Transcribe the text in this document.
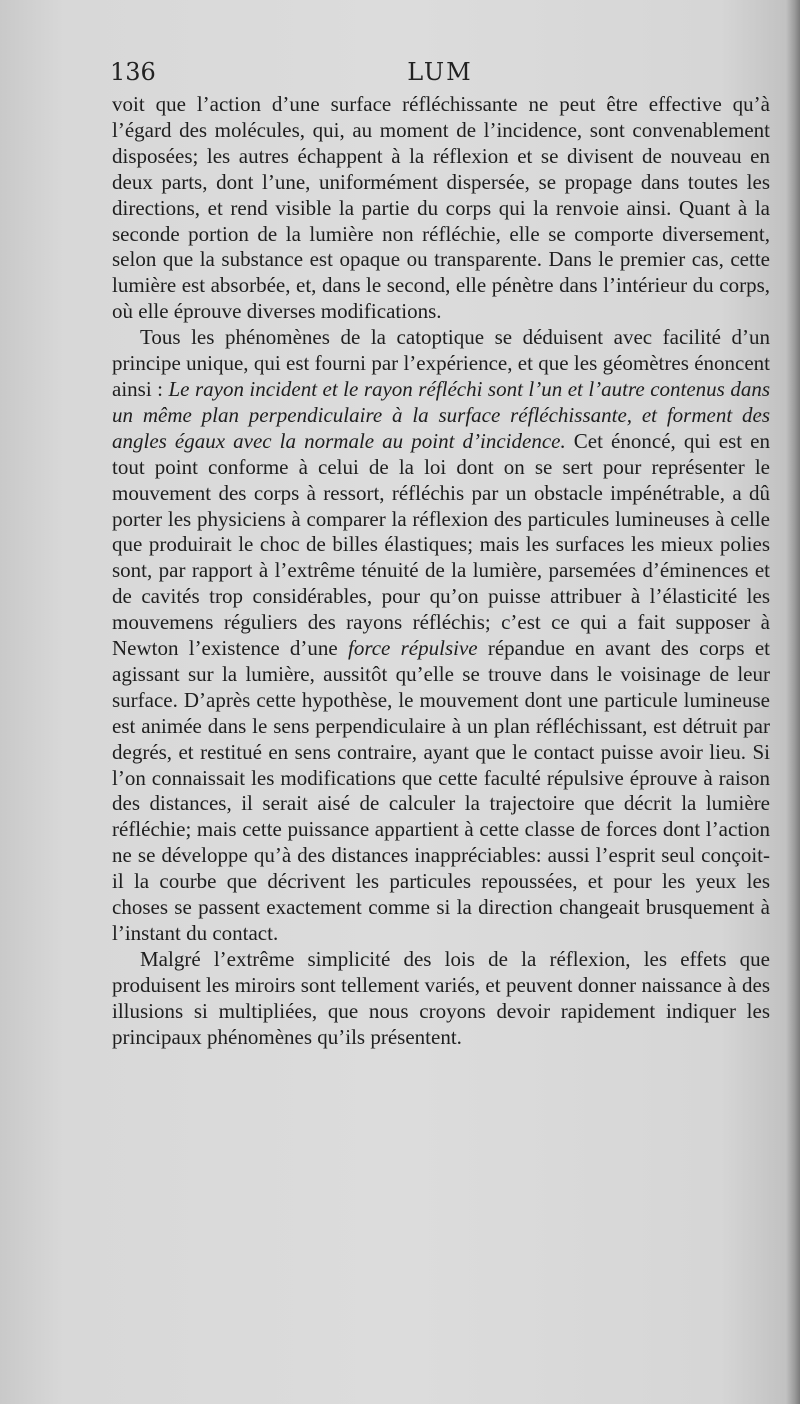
136	LUM

voit que l’action d’une surface réfléchissante ne peut être effective qu’à l’égard des molécules, qui, au moment de l’incidence, sont convenablement disposées; les autres échappent à la réflexion et se divisent de nouveau en deux parts, dont l’une, uniformément dispersée, se propage dans toutes les directions, et rend visible la partie du corps qui la renvoie ainsi. Quant à la seconde portion de la lumière non réfléchie, elle se comporte diversement, selon que la substance est opaque ou transparente. Dans le premier cas, cette lumière est absorbée, et, dans le second, elle pénètre dans l’intérieur du corps, où elle éprouve diverses modifications.

Tous les phénomènes de la catoptique se déduisent avec facilité d’un principe unique, qui est fourni par l’expérience, et que les géomètres énoncent ainsi : Le rayon incident et le rayon réfléchi sont l’un et l’autre contenus dans un même plan perpendiculaire à la surface réfléchissante, et forment des angles égaux avec la normale au point d’incidence. Cet énoncé, qui est en tout point conforme à celui de la loi dont on se sert pour représenter le mouvement des corps à ressort, réfléchis par un obstacle impénétrable, a dû porter les physiciens à comparer la réflexion des particules lumineuses à celle que produirait le choc de billes élastiques; mais les surfaces les mieux polies sont, par rapport à l’extrême ténuité de la lumière, parsemées d’éminences et de cavités trop considérables, pour qu’on puisse attribuer à l’élasticité les mouvemens réguliers des rayons réfléchis; c’est ce qui a fait supposer à Newton l’existence d’une force répulsive répandue en avant des corps et agissant sur la lumière, aussitôt qu’elle se trouve dans le voisinage de leur surface. D’après cette hypothèse, le mouvement dont une particule lumineuse est animée dans le sens perpendiculaire à un plan réfléchissant, est détruit par degrés, et restitué en sens contraire, ayant que le contact puisse avoir lieu. Si l’on connaissait les modifications que cette faculté répulsive éprouve à raison des distances, il serait aisé de calculer la trajectoire que décrit la lumière réfléchie; mais cette puissance appartient à cette classe de forces dont l’action ne se développe qu’à des distances inappréciables: aussi l’esprit seul conçoit-il la courbe que décrivent les particules repoussées, et pour les yeux les choses se passent exactement comme si la direction changeait brusquement à l’instant du contact.

Malgré l’extrême simplicité des lois de la réflexion, les effets que produisent les miroirs sont tellement variés, et peuvent donner naissance à des illusions si multipliées, que nous croyons devoir rapidement indiquer les principaux phénomènes qu’ils présentent.
